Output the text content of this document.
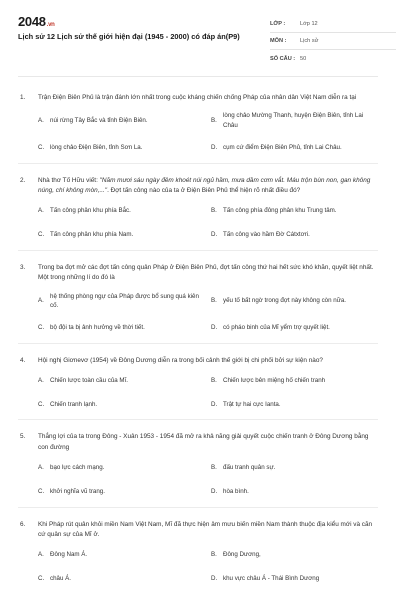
2048.vn
Lịch sử 12 Lịch sử thế giới hiện đại (1945 - 2000) có đáp án(P9)
LỚP :	Lớp 12
MÔN :	Lịch sử
SỐ CÂU : 50
1. Trận Điện Biên Phủ là trận đánh lớn nhất trong cuộc kháng chiến chống Pháp của nhân dân Việt Nam diễn ra tại
A. núi rừng Tây Bắc và tỉnh Điện Biên.	B.
lòng chảo Mường Thanh, huyện Điện Biên, tỉnh Lai Châu
C. lòng chảo Điện Biên, tỉnh Sơn La.	D. cụm cứ điểm Điện Biên Phủ, tỉnh Lai Châu.
2. Nhà thơ Tố Hữu viết: "Năm mươi sáu ngày đêm khoét núi ngủ hầm, mưa dầm cơm vắt. Máu trộn bùn non, gan không núng, chí không mòn,...". Đợt tấn công nào của ta ở Điện Biên Phủ thể hiện rõ nhất điều đó?
A. Tấn công phân khu phía Bắc.	B. Tấn công phía đông phân khu Trung tâm.
C. Tấn công phân khu phía Nam.	D. Tấn công vào hầm Đờ Cátxtơri.
3. Trong ba đợt mở các đợt tấn công quân Pháp ở Điện Biên Phủ, đợt tấn công thứ hai hết sức khó khăn, quyết liệt nhất. Một trong những lí do đó là
A.
hệ thống phòng ngự của Pháp được bổ sung quá kiên cố.
B. yếu tố bất ngờ trong đợt này không còn nữa.
C. bộ đội ta bị ảnh hưởng về thời tiết.	D. có pháo binh của Mĩ yểm trợ quyết liệt.
4. Hội nghị Giơnevơ (1954) về Đông Dương diễn ra trong bối cảnh thế giới bị chi phối bởi sự kiện nào?
A. Chiến lược toàn cầu của Mĩ.	B. Chiến lược bên miệng hố chiến tranh
C. Chiến tranh lạnh.	D. Trật tự hai cực Ianta.
5. Thắng lợi của ta trong Đông - Xuân 1953 - 1954 đã mở ra khả năng giải quyết cuộc chiến tranh ở Đông Dương bằng con đường
A. bạo lực cách mạng.	B. đấu tranh quân sự.
C. khởi nghĩa vũ trang.	D. hòa bình.
6. Khi Pháp rút quân khỏi miền Nam Việt Nam, Mĩ đã thực hiện âm mưu biến miền Nam thành thuộc địa kiểu mới và căn cứ quân sự của Mĩ ở.
A. Đông Nam Á.	B. Đông Dương,
C. châu Á.	D. khu vực châu Á - Thái Bình Dương
